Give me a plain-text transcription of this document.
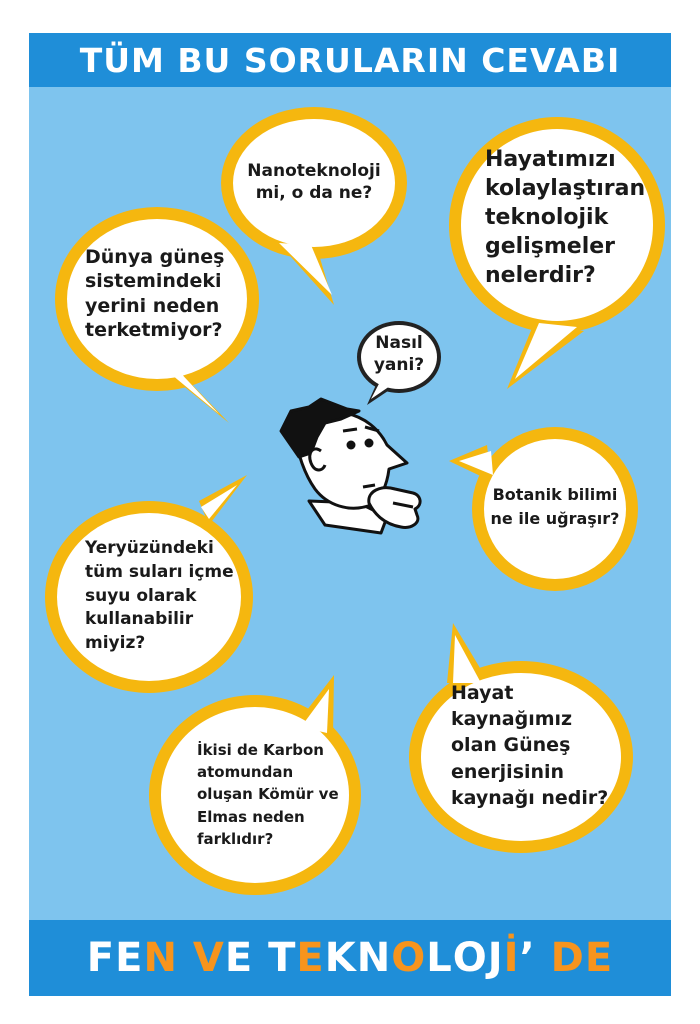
TÜM BU SORULARIN CEVABI
Nanoteknoloji
mi, o da ne?
Hayatımızı
kolaylaştıran
teknolojik
gelişmeler
nelerdir?
Dünya güneş
sistemindeki
yerini neden
terketmiyor?
Nasıl
yani?
Botanik bilimi
ne ile uğraşır?
Yeryüzündeki
tüm suları içme
suyu olarak
kullanabilir
miyiz?
Hayat
kaynağımız
olan Güneş
enerjisinin
kaynağı nedir?
İkisi de Karbon
atomundan
oluşan Kömür ve
Elmas neden
farklıdır?
F E N
V E
T E K N O L O J İ ’
D E
